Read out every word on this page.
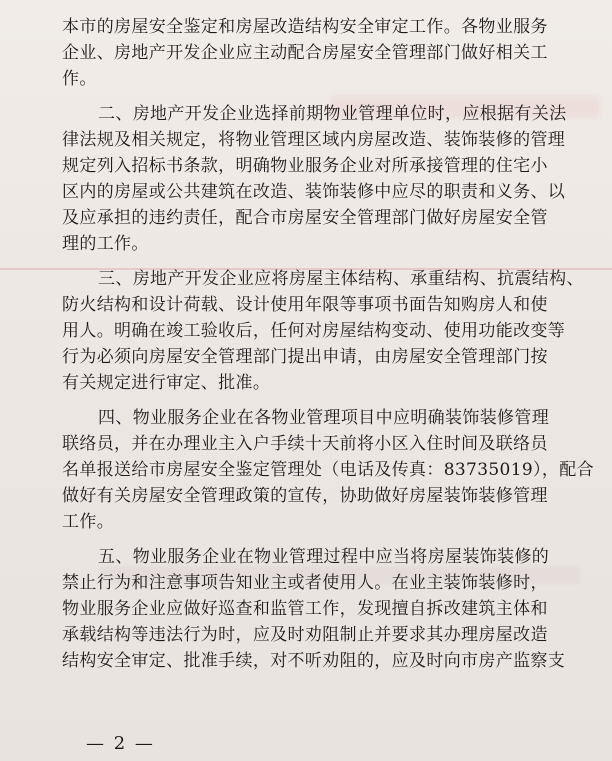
本市的房屋安全鉴定和房屋改造结构安全审定工作。各物业服务
企业、房地产开发企业应主动配合房屋安全管理部门做好相关工
作。
二、房地产开发企业选择前期物业管理单位时，应根据有关法
律法规及相关规定，将物业管理区域内房屋改造、装饰装修的管理
规定列入招标书条款，明确物业服务企业对所承接管理的住宅小
区内的房屋或公共建筑在改造、装饰装修中应尽的职责和义务、以
及应承担的违约责任，配合市房屋安全管理部门做好房屋安全管
理的工作。
三、房地产开发企业应将房屋主体结构、承重结构、抗震结构、
防火结构和设计荷载、设计使用年限等事项书面告知购房人和使
用人。明确在竣工验收后，任何对房屋结构变动、使用功能改变等
行为必须向房屋安全管理部门提出申请，由房屋安全管理部门按
有关规定进行审定、批准。
四、物业服务企业在各物业管理项目中应明确装饰装修管理
联络员，并在办理业主入户手续十天前将小区入住时间及联络员
名单报送给市房屋安全鉴定管理处（电话及传真：83735019），配合
做好有关房屋安全管理政策的宣传，协助做好房屋装饰装修管理
工作。
五、物业服务企业在物业管理过程中应当将房屋装饰装修的
禁止行为和注意事项告知业主或者使用人。在业主装饰装修时，
物业服务企业应做好巡查和监管工作，发现擅自拆改建筑主体和
承载结构等违法行为时，应及时劝阻制止并要求其办理房屋改造
结构安全审定、批准手续，对不听劝阻的，应及时向市房产监察支
— 2 —
